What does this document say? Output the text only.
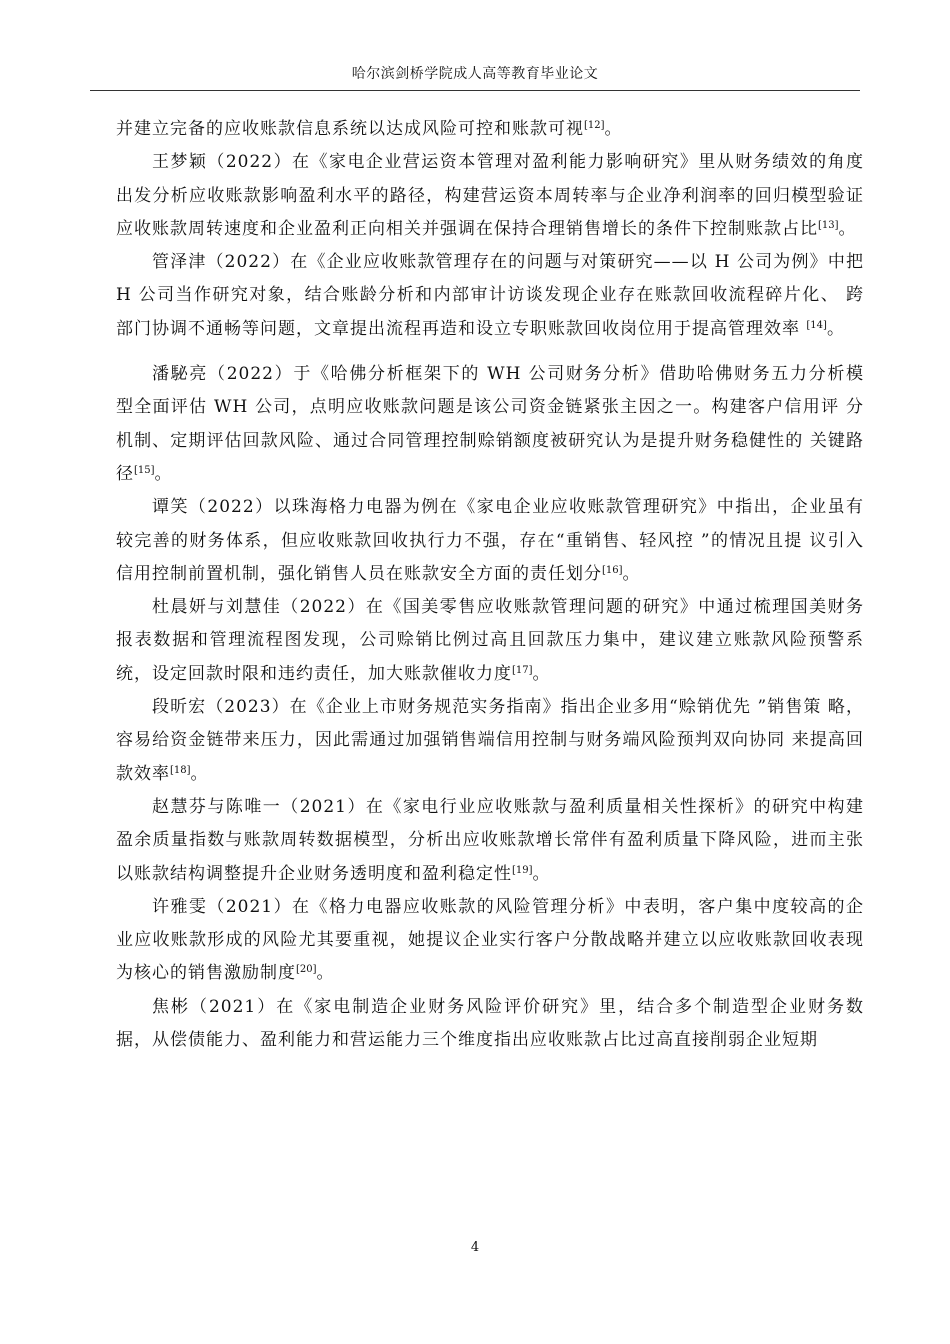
哈尔滨剑桥学院成人高等教育毕业论文

并建立完备的应收账款信息系统以达成风险可控和账款可视[12]。

王梦颖（2022）在《家电企业营运资本管理对盈利能力影响研究》里从财务绩效的角度出发分析应收账款影响盈利水平的路径，构建营运资本周转率与企业净利润率的回归模型验证应收账款周转速度和企业盈利正向相关并强调在保持合理销售增长的条件下控制账款占比[13]。

管泽津（2022）在《企业应收账款管理存在的问题与对策研究——以 H 公司为例》中把 H 公司当作研究对象，结合账龄分析和内部审计访谈发现企业存在账款回收流程碎片化、 跨部门协调不通畅等问题，文章提出流程再造和设立专职账款回收岗位用于提高管理效率 [14]。

潘駜亮（2022）于《哈佛分析框架下的 WH 公司财务分析》借助哈佛财务五力分析模 型全面评估 WH 公司，点明应收账款问题是该公司资金链紧张主因之一。构建客户信用评 分机制、定期评估回款风险、通过合同管理控制赊销额度被研究认为是提升财务稳健性的 关键路径[15]。

谭笑（2022）以珠海格力电器为例在《家电企业应收账款管理研究》中指出，企业虽有较完善的财务体系，但应收账款回收执行力不强，存在“重销售、轻风控 ”的情况且提 议引入信用控制前置机制，强化销售人员在账款安全方面的责任划分[16]。

杜晨妍与刘慧佳（2022）在《国美零售应收账款管理问题的研究》中通过梳理国美财务报表数据和管理流程图发现，公司赊销比例过高且回款压力集中，建议建立账款风险预警系统，设定回款时限和违约责任，加大账款催收力度[17]。

段昕宏（2023）在《企业上市财务规范实务指南》指出企业多用“赊销优先 ”销售策 略，容易给资金链带来压力，因此需通过加强销售端信用控制与财务端风险预判双向协同 来提高回款效率[18]。

赵慧芬与陈唯一（2021）在《家电行业应收账款与盈利质量相关性探析》的研究中构建盈余质量指数与账款周转数据模型，分析出应收账款增长常伴有盈利质量下降风险，进而主张以账款结构调整提升企业财务透明度和盈利稳定性[19]。

许雅雯（2021）在《格力电器应收账款的风险管理分析》中表明，客户集中度较高的企业应收账款形成的风险尤其要重视，她提议企业实行客户分散战略并建立以应收账款回收表现为核心的销售激励制度[20]。

焦彬（2021）在《家电制造企业财务风险评价研究》里，结合多个制造型企业财务数据，从偿债能力、盈利能力和营运能力三个维度指出应收账款占比过高直接削弱企业短期

4
